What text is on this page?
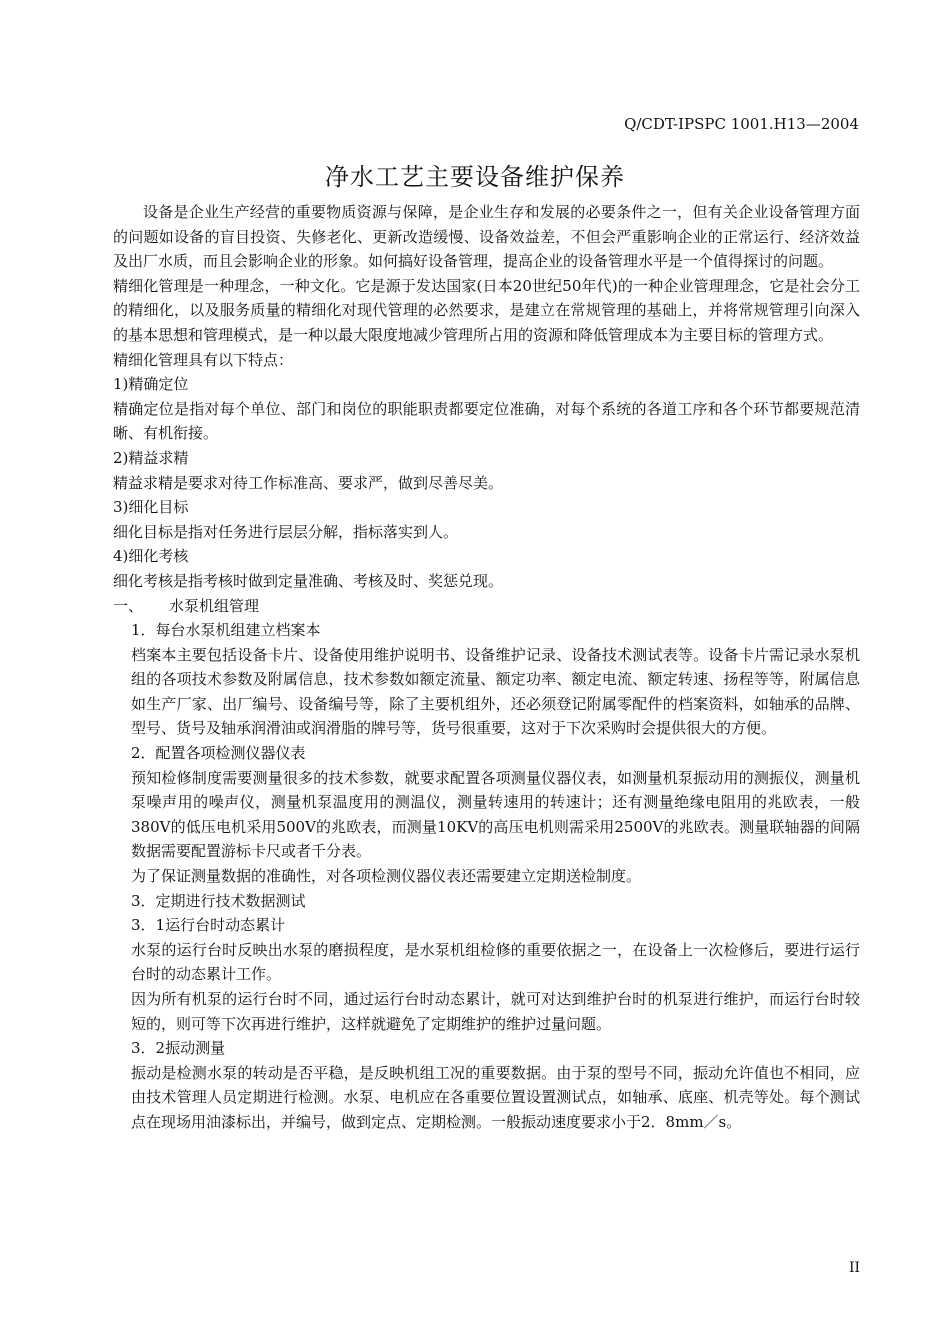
Q/CDT-IPSPC 1001.H13—2004
净水工艺主要设备维护保养

设备是企业生产经营的重要物质资源与保障，是企业生存和发展的必要条件之一，但有关企业设备管理方面的问题如设备的盲目投资、失修老化、更新改造缓慢、设备效益差，不但会严重影响企业的正常运行、经济效益及出厂水质，而且会影响企业的形象。如何搞好设备管理，提高企业的设备管理水平是一个值得探讨的问题。

精细化管理是一种理念，一种文化。它是源于发达国家(日本20世纪50年代)的一种企业管理理念，它是社会分工的精细化，以及服务质量的精细化对现代管理的必然要求，是建立在常规管理的基础上，并将常规管理引向深入的基本思想和管理模式，是一种以最大限度地减少管理所占用的资源和降低管理成本为主要目标的管理方式。

精细化管理具有以下特点：

1)精确定位

精确定位是指对每个单位、部门和岗位的职能职责都要定位准确，对每个系统的各道工序和各个环节都要规范清晰、有机衔接。

2)精益求精

精益求精是要求对待工作标准高、要求严，做到尽善尽美。

3)细化目标

细化目标是指对任务进行层层分解，指标落实到人。

4)细化考核

细化考核是指考核时做到定量准确、考核及时、奖惩兑现。

一、 水泵机组管理

1．每台水泵机组建立档案本

档案本主要包括设备卡片、设备使用维护说明书、设备维护记录、设备技术测试表等。设备卡片需记录水泵机组的各项技术参数及附属信息，技术参数如额定流量、额定功率、额定电流、额定转速、扬程等等，附属信息如生产厂家、出厂编号、设备编号等，除了主要机组外，还必须登记附属零配件的档案资料，如轴承的品牌、型号、货号及轴承润滑油或润滑脂的牌号等，货号很重要，这对于下次采购时会提供很大的方便。

2．配置各项检测仪器仪表

预知检修制度需要测量很多的技术参数，就要求配置各项测量仪器仪表，如测量机泵振动用的测振仪，测量机泵噪声用的噪声仪，测量机泵温度用的测温仪，测量转速用的转速计；还有测量绝缘电阻用的兆欧表，一般380V的低压电机采用500V的兆欧表，而测量10KV的高压电机则需采用2500V的兆欧表。测量联轴器的间隔数据需要配置游标卡尺或者千分表。

为了保证测量数据的准确性，对各项检测仪器仪表还需要建立定期送检制度。

3．定期进行技术数据测试

3．1运行台时动态累计

水泵的运行台时反映出水泵的磨损程度，是水泵机组检修的重要依据之一，在设备上一次检修后，要进行运行台时的动态累计工作。

因为所有机泵的运行台时不同，通过运行台时动态累计，就可对达到维护台时的机泵进行维护，而运行台时较短的，则可等下次再进行维护，这样就避免了定期维护的维护过量问题。

3．2振动测量

振动是检测水泵的转动是否平稳，是反映机组工况的重要数据。由于泵的型号不同，振动允许值也不相同，应由技术管理人员定期进行检测。水泵、电机应在各重要位置设置测试点，如轴承、底座、机壳等处。每个测试点在现场用油漆标出，并编号，做到定点、定期检测。一般振动速度要求小于2．8mm／s。

II
